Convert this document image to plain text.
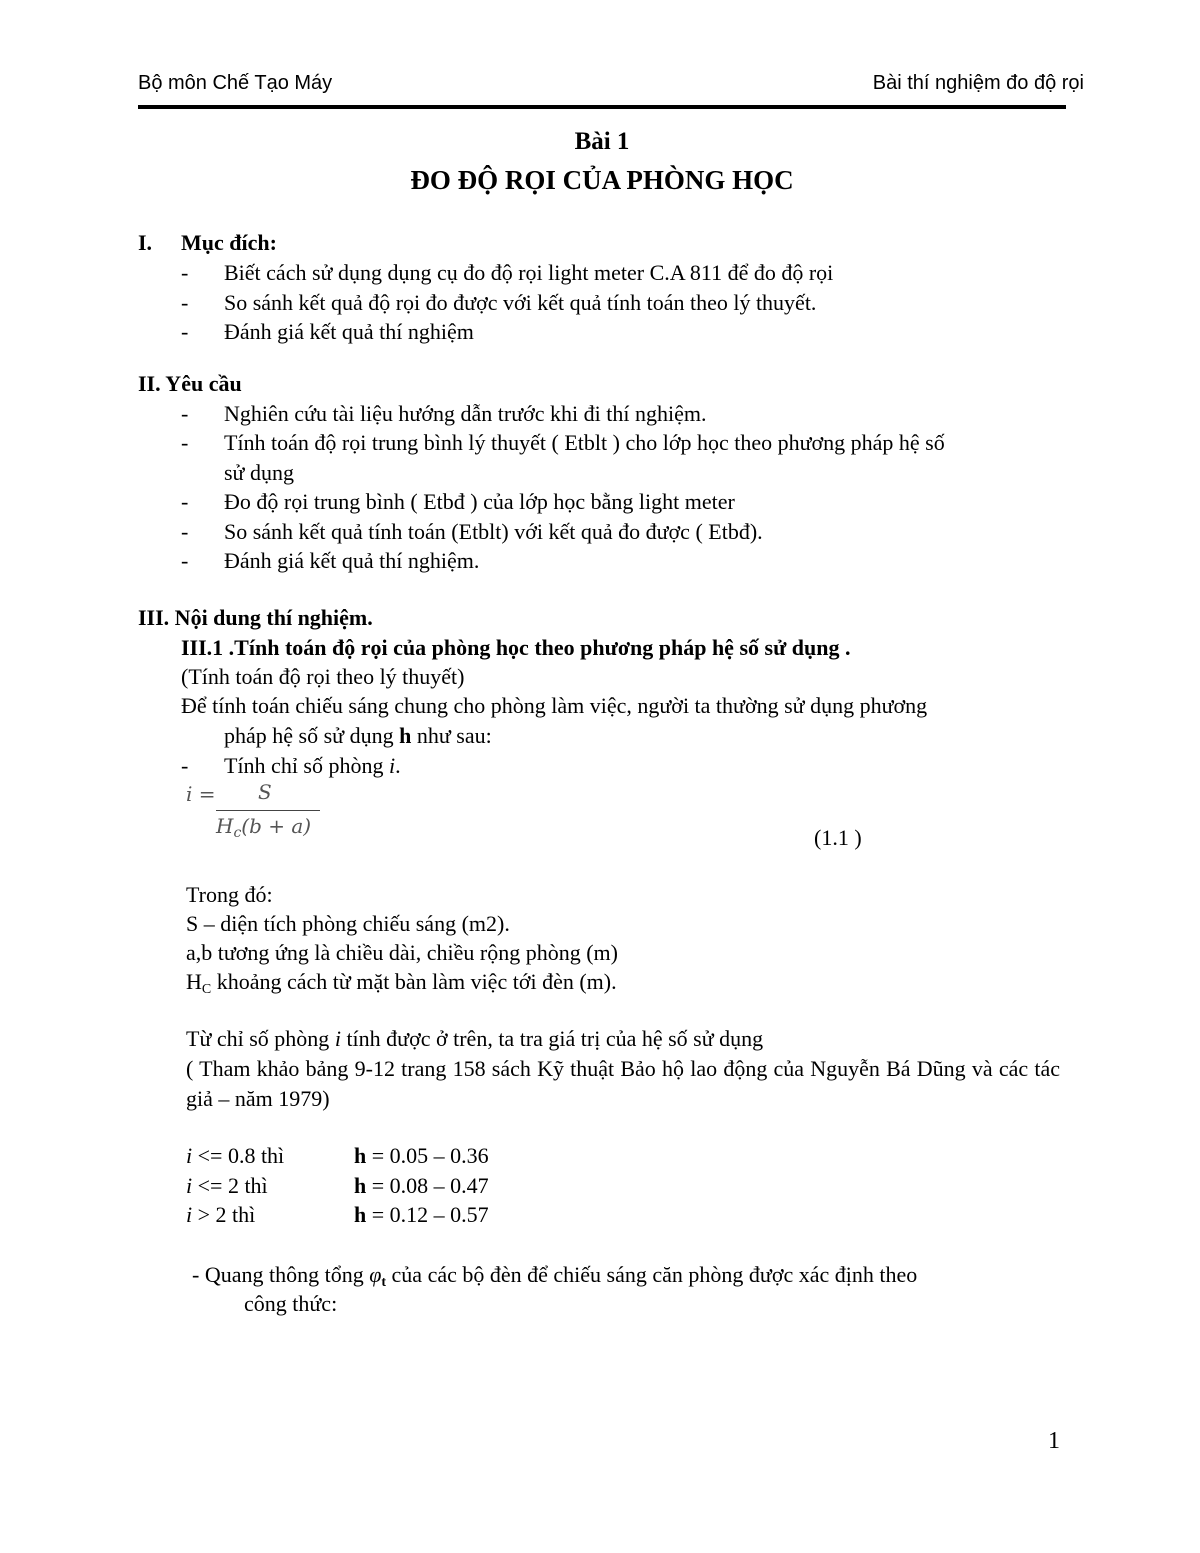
Bộ môn Chế Tạo Máy	Bài thí nghiệm đo độ rọi
Bài 1
ĐO ĐỘ RỌI CỦA PHÒNG HỌC
I. Mục đích:
- Biết cách sử dụng dụng cụ đo độ rọi light meter C.A 811 để đo độ rọi
- So sánh kết quả độ rọi đo được với kết quả tính toán theo lý thuyết.
- Đánh giá kết quả thí nghiệm
II. Yêu cầu
- Nghiên cứu tài liệu hướng dẫn trước khi đi thí nghiệm.
- Tính toán độ rọi trung bình lý thuyết ( Etblt ) cho lớp học theo phương pháp hệ số
sử dụng
- Đo độ rọi trung bình ( Etbđ ) của lớp học bằng light meter
- So sánh kết quả tính toán (Etblt) với kết quả đo được ( Etbđ).
- Đánh giá kết quả thí nghiệm.
III. Nội dung thí nghiệm.
III.1 .Tính toán độ rọi của phòng học theo phương pháp hệ số sử dụng .
(Tính toán độ rọi theo lý thuyết)
Để tính toán chiếu sáng chung cho phòng làm việc, người ta thường sử dụng phương
pháp hệ số sử dụng h như sau:
- Tính chỉ số phòng i.
i = S
$H_c(b + a)$	(1.1 )
Trong đó:
S – diện tích phòng chiếu sáng (m2).
a,b tương ứng là chiều dài, chiều rộng phòng (m)
$H_C$ khoảng cách từ mặt bàn làm việc tới đèn (m).
Từ chỉ số phòng i tính được ở trên, ta tra giá trị của hệ số sử dụng
( Tham khảo bảng 9-12 trang 158 sách Kỹ thuật Bảo hộ lao động của Nguyễn Bá Dũng và các tác giả – năm 1979)
i <= 0.8 thì	h = 0.05 – 0.36
i <= 2 thì	h = 0.08 – 0.47
i > 2 thì	h = 0.12 – 0.57
- Quang thông tổng $\varphi_t$ của các bộ đèn để chiếu sáng căn phòng được xác định theo
công thức:
1
